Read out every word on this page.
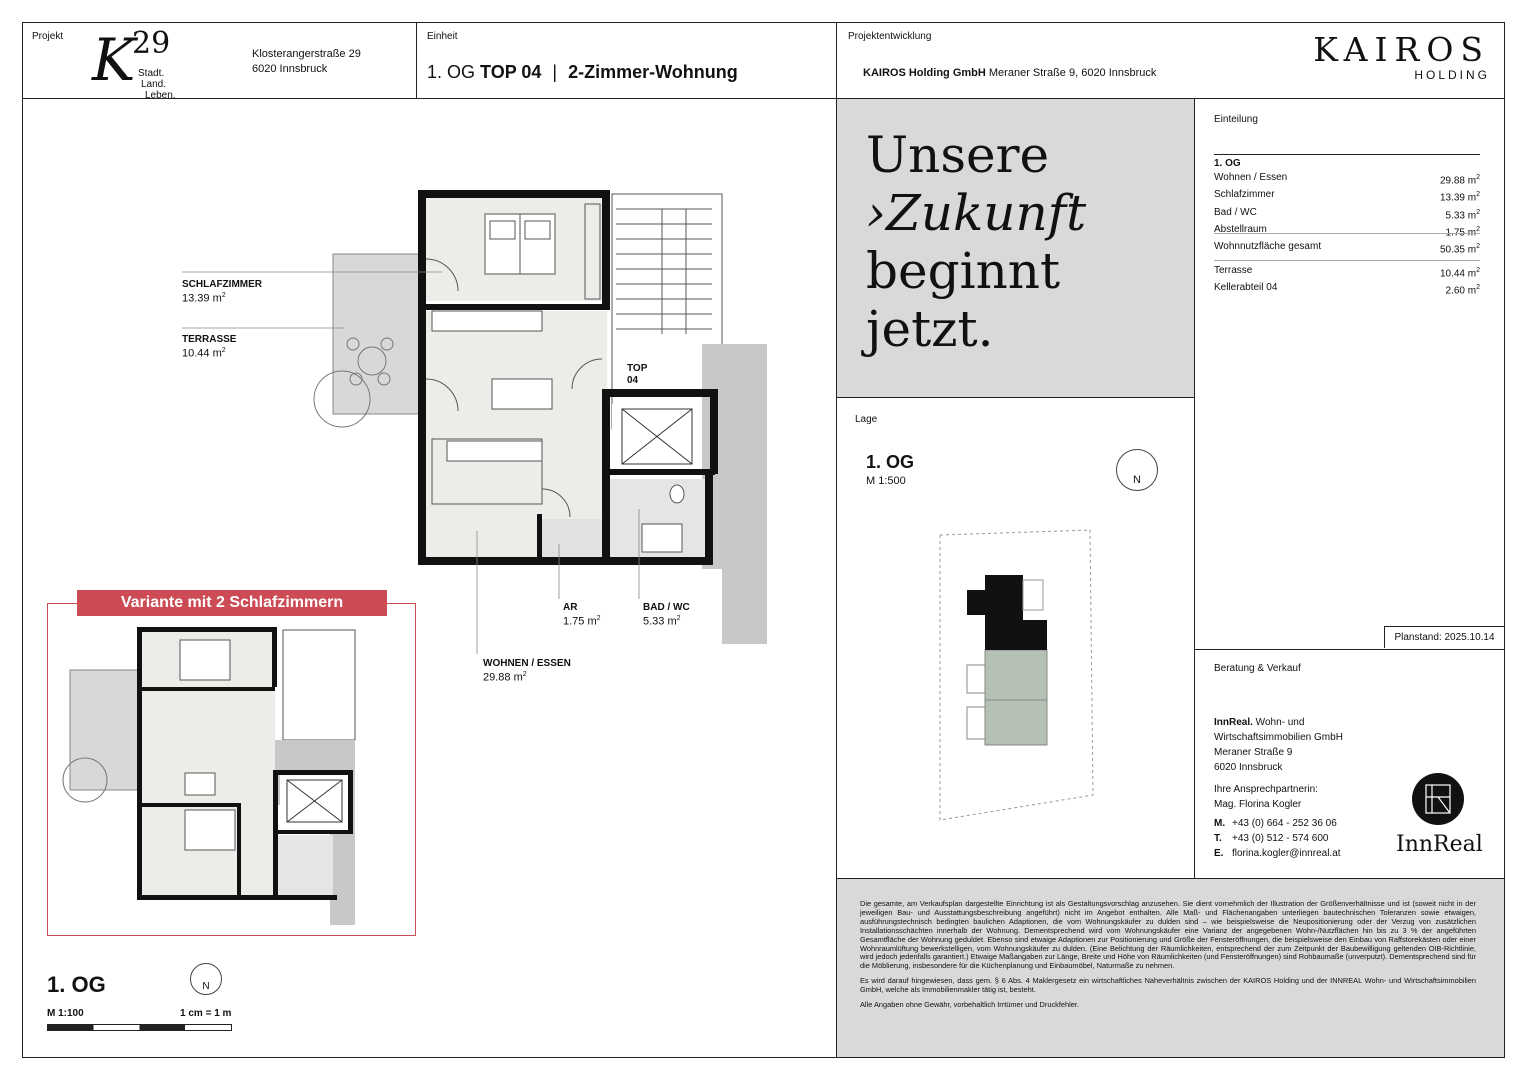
Projekt K
29
Stadt.
Land.
Leben.
Klosterangerstraße 29
6020 Innsbruck
Einheit
1. OG TOP 04 | 2-Zimmer-Wohnung
Projektentwicklung
KAIROS Holding GmbH Meraner Straße 9, 6020 Innsbruck
KAIROS
HOLDING
SCHLAFZIMMER
13.39 $m^2$
TERRASSE
10.44 $m^2$
TOP
04
AR
1.75 $m^2$
BAD / WC
5.33 $m^2$
WOHNEN / ESSEN
29.88 $m^2$
Variante mit 2 Schlafzimmern
1. OG	N
M 1:100	1 cm = 1 m
Unsere
›Zukunft
beginnt
jetzt.
Lage
1. OG
M 1:500	N
Einteilung
1. OG
Wohnen / Essen	29.88 $m^2$
Schlafzimmer	13.39 $m^2$
Bad / WC	5.33 $m^2$
Abstellraum	1.75 $m^2$
Wohnnutzfläche gesamt	50.35 $m^2$
Terrasse	10.44 $m^2$
Kellerabteil 04	2.60 $m^2$
Planstand: 2025.10.14
Beratung & Verkauf
InnReal. Wohn- und
Wirtschaftsimmobilien GmbH
Meraner Straße 9
6020 Innsbruck
Ihre Ansprechpartnerin:
Mag. Florina Kogler
M. +43 (0) 664 - 252 36 06
T. +43 (0) 512 - 574 600
E. florina.kogler@innreal.at	InnReal

Die gesamte, am Verkaufsplan dargestellte Einrichtung ist als Gestaltungsvorschlag anzusehen. Sie dient vornehmlich der Illustration der Größenverhältnisse und ist (soweit nicht in der jeweiligen Bau- und Ausstattungsbeschreibung angeführt) nicht im Angebot enthalten. Alle Maß- und Flächenangaben unterliegen bautechnischen Toleranzen sowie etwaigen, ausführungstechnisch bedingten baulichen Adaptionen, die vom Wohnungskäufer zu dulden sind – wie beispielsweise die Neupositionierung oder der Verzug von zusätzlichen Installationsschächten innerhalb der Wohnung. Dementsprechend wird vom Wohnungskäufer eine Varianz der angegebenen Wohn-/Nutzflächen hin bis zu 3 % der angeführten Gesamtfläche der Wohnung geduldet. Ebenso sind etwaige Adaptionen zur Positionierung und Größe der Fensteröffnungen, die beispielsweise den Einbau von Raffstorekästen oder einer Wohnraumlüftung bewerkstelligen, vom Wohnungskäufer zu dulden. (Eine Belichtung der Räumlichkeiten, entsprechend der zum Zeitpunkt der Baubewilligung geltenden OIB-Richtlinie, wird jedoch jedenfalls garantiert.) Etwaige Maßangaben zur Länge, Breite und Höhe von Räumlichkeiten (und Fensteröffnungen) sind Rohbaumaße (unverputzt). Dementsprechend sind für die Möblierung, insbesondere für die Küchenplanung und Einbaumöbel, Naturmaße zu nehmen.

Es wird darauf hingewiesen, dass gem. § 6 Abs. 4 Maklergesetz ein wirtschaftliches Naheverhältnis zwischen der KAIROS Holding und der INNREAL Wohn- und Wirtschaftsimmobilien GmbH, welche als Immobilienmakler tätig ist, besteht.

Alle Angaben ohne Gewähr, vorbehaltlich Irrtümer und Druckfehler.
